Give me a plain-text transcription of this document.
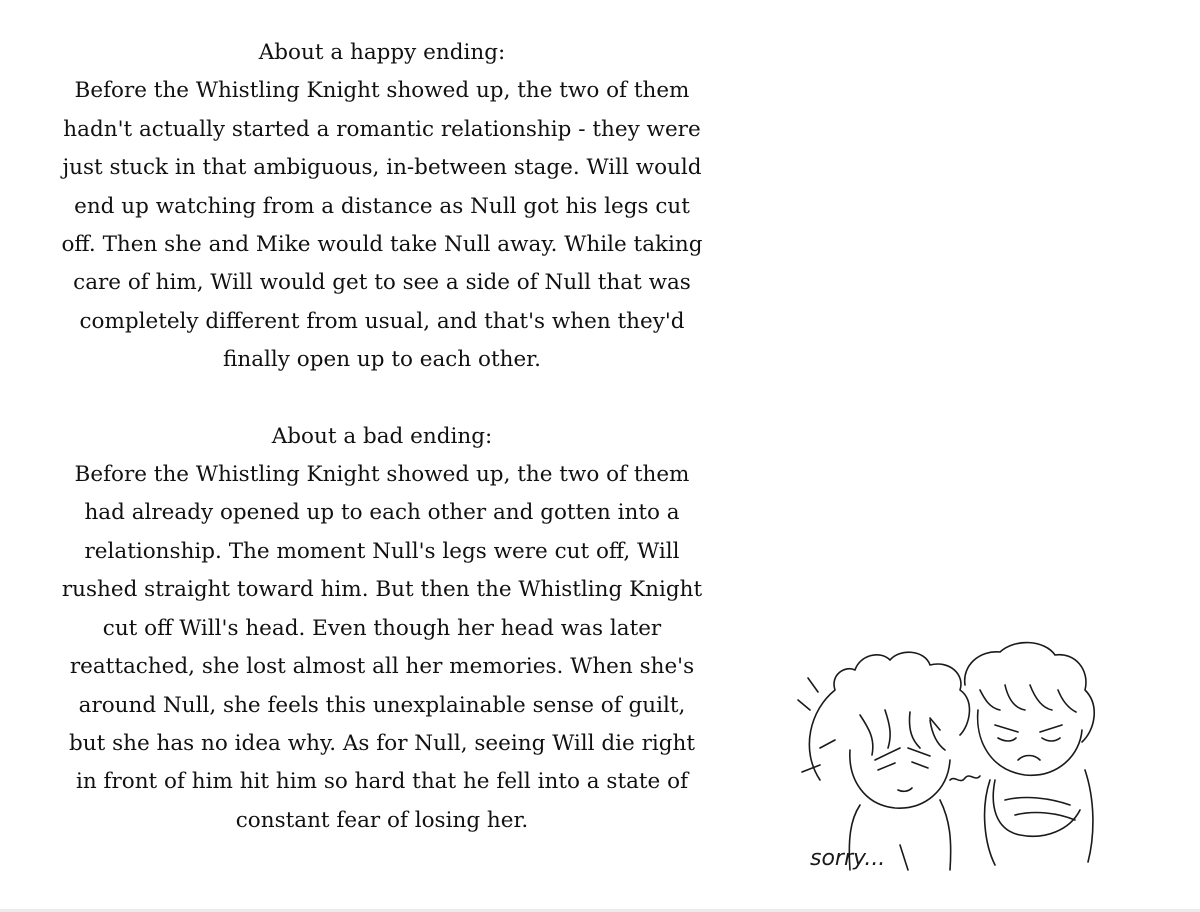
About a happy ending:
Before the Whistling Knight showed up, the two of them
hadn't actually started a romantic relationship - they were
just stuck in that ambiguous, in-between stage. Will would
end up watching from a distance as Null got his legs cut
off. Then she and Mike would take Null away. While taking
care of him, Will would get to see a side of Null that was
completely different from usual, and that's when they'd
finally open up to each other.
About a bad ending:
Before the Whistling Knight showed up, the two of them
had already opened up to each other and gotten into a
relationship. The moment Null's legs were cut off, Will
rushed straight toward him. But then the Whistling Knight
cut off Will's head. Even though her head was later
reattached, she lost almost all her memories. When she's
around Null, she feels this unexplainable sense of guilt,
but she has no idea why. As for Null, seeing Will die right
in front of him hit him so hard that he fell into a state of
constant fear of losing her.
sorry...
